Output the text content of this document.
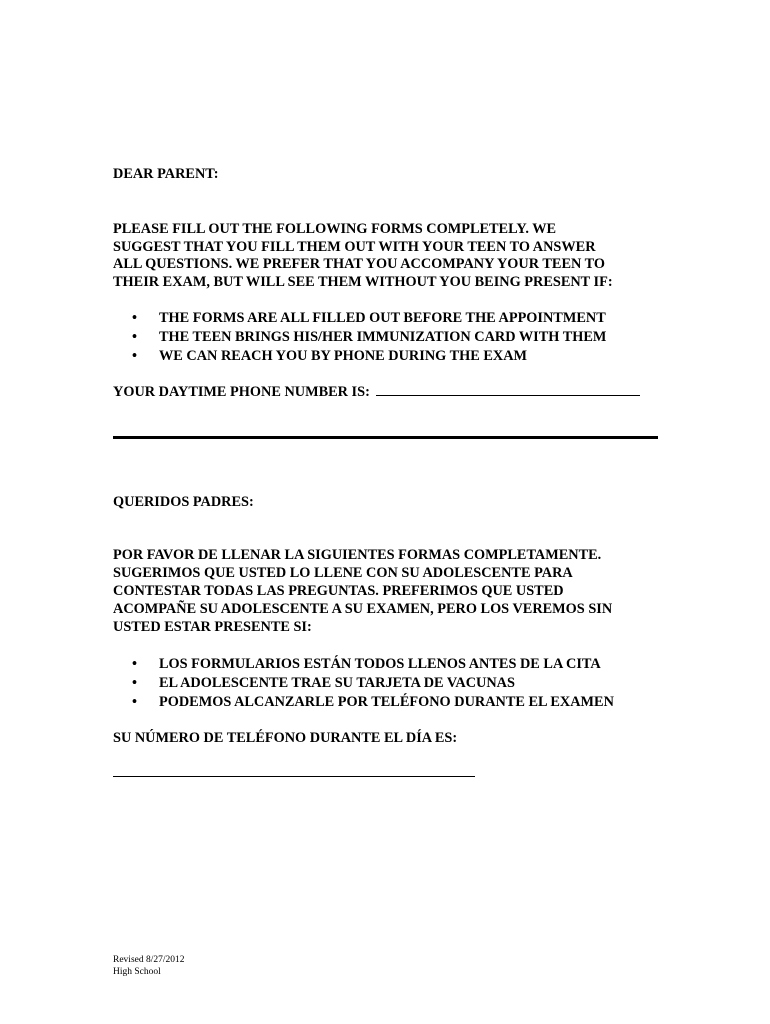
DEAR PARENT:

PLEASE FILL OUT THE FOLLOWING FORMS COMPLETELY. WE

SUGGEST THAT YOU FILL THEM OUT WITH YOUR TEEN TO ANSWER

ALL QUESTIONS. WE PREFER THAT YOU ACCOMPANY YOUR TEEN TO

THEIR EXAM, BUT WILL SEE THEM WITHOUT YOU BEING PRESENT IF:

• THE FORMS ARE ALL FILLED OUT BEFORE THE APPOINTMENT
• THE TEEN BRINGS HIS/HER IMMUNIZATION CARD WITH THEM
• WE CAN REACH YOU BY PHONE DURING THE EXAM

YOUR DAYTIME PHONE NUMBER IS:

QUERIDOS PADRES:

POR FAVOR DE LLENAR LA SIGUIENTES FORMAS COMPLETAMENTE.

SUGERIMOS QUE USTED LO LLENE CON SU ADOLESCENTE PARA

CONTESTAR TODAS LAS PREGUNTAS. PREFERIMOS QUE USTED

ACOMPAÑE SU ADOLESCENTE A SU EXAMEN, PERO LOS VEREMOS SIN

USTED ESTAR PRESENTE SI:

• LOS FORMULARIOS ESTÁN TODOS LLENOS ANTES DE LA CITA
• EL ADOLESCENTE TRAE SU TARJETA DE VACUNAS
• PODEMOS ALCANZARLE POR TELÉFONO DURANTE EL EXAMEN

SU NÚMERO DE TELÉFONO DURANTE EL DÍA ES:

Revised 8/27/2012

High School
